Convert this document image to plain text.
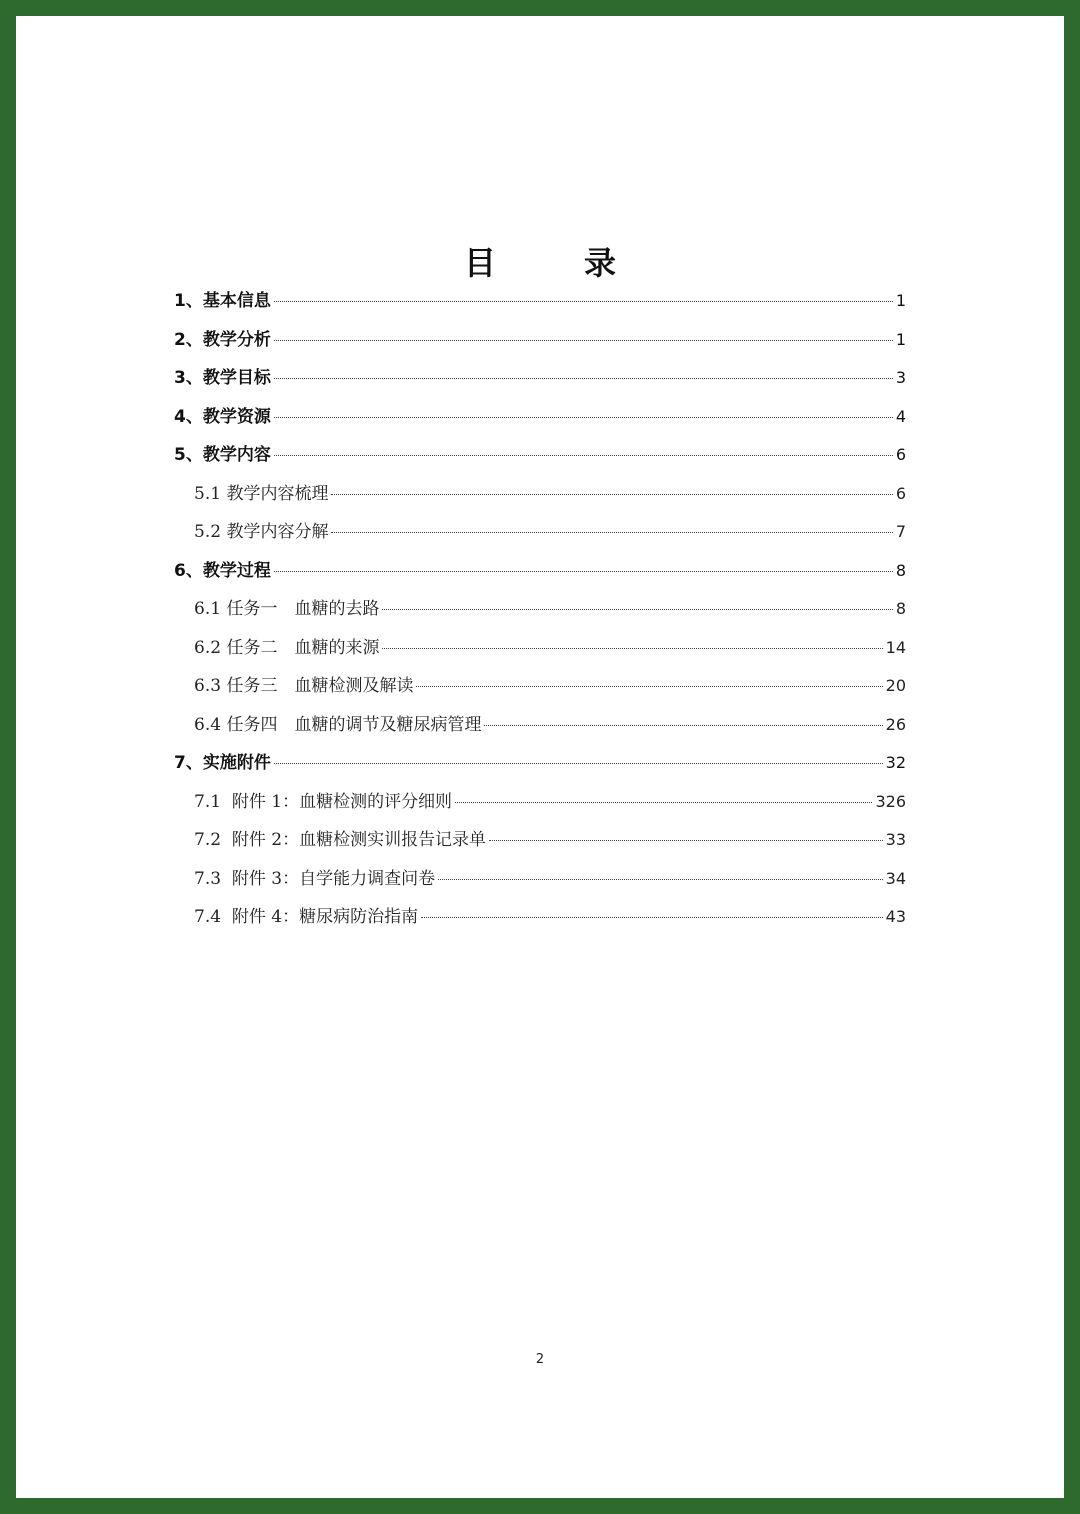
目　录
1、基本信息	1
2、教学分析	1
3、教学目标	3
4、教学资源	4
5、教学内容	6
5.1 教学内容梳理	6
5.2 教学内容分解	7
6、教学过程	8
6.1 任务一　血糖的去路	8
6.2 任务二　血糖的来源	14
6.3 任务三　血糖检测及解读	20
6.4 任务四　血糖的调节及糖尿病管理	26
7、实施附件	32
7.1  附件 1：血糖检测的评分细则	326
7.2  附件 2：血糖检测实训报告记录单	33
7.3  附件 3：自学能力调查问卷	34
7.4  附件 4：糖尿病防治指南	43
2
